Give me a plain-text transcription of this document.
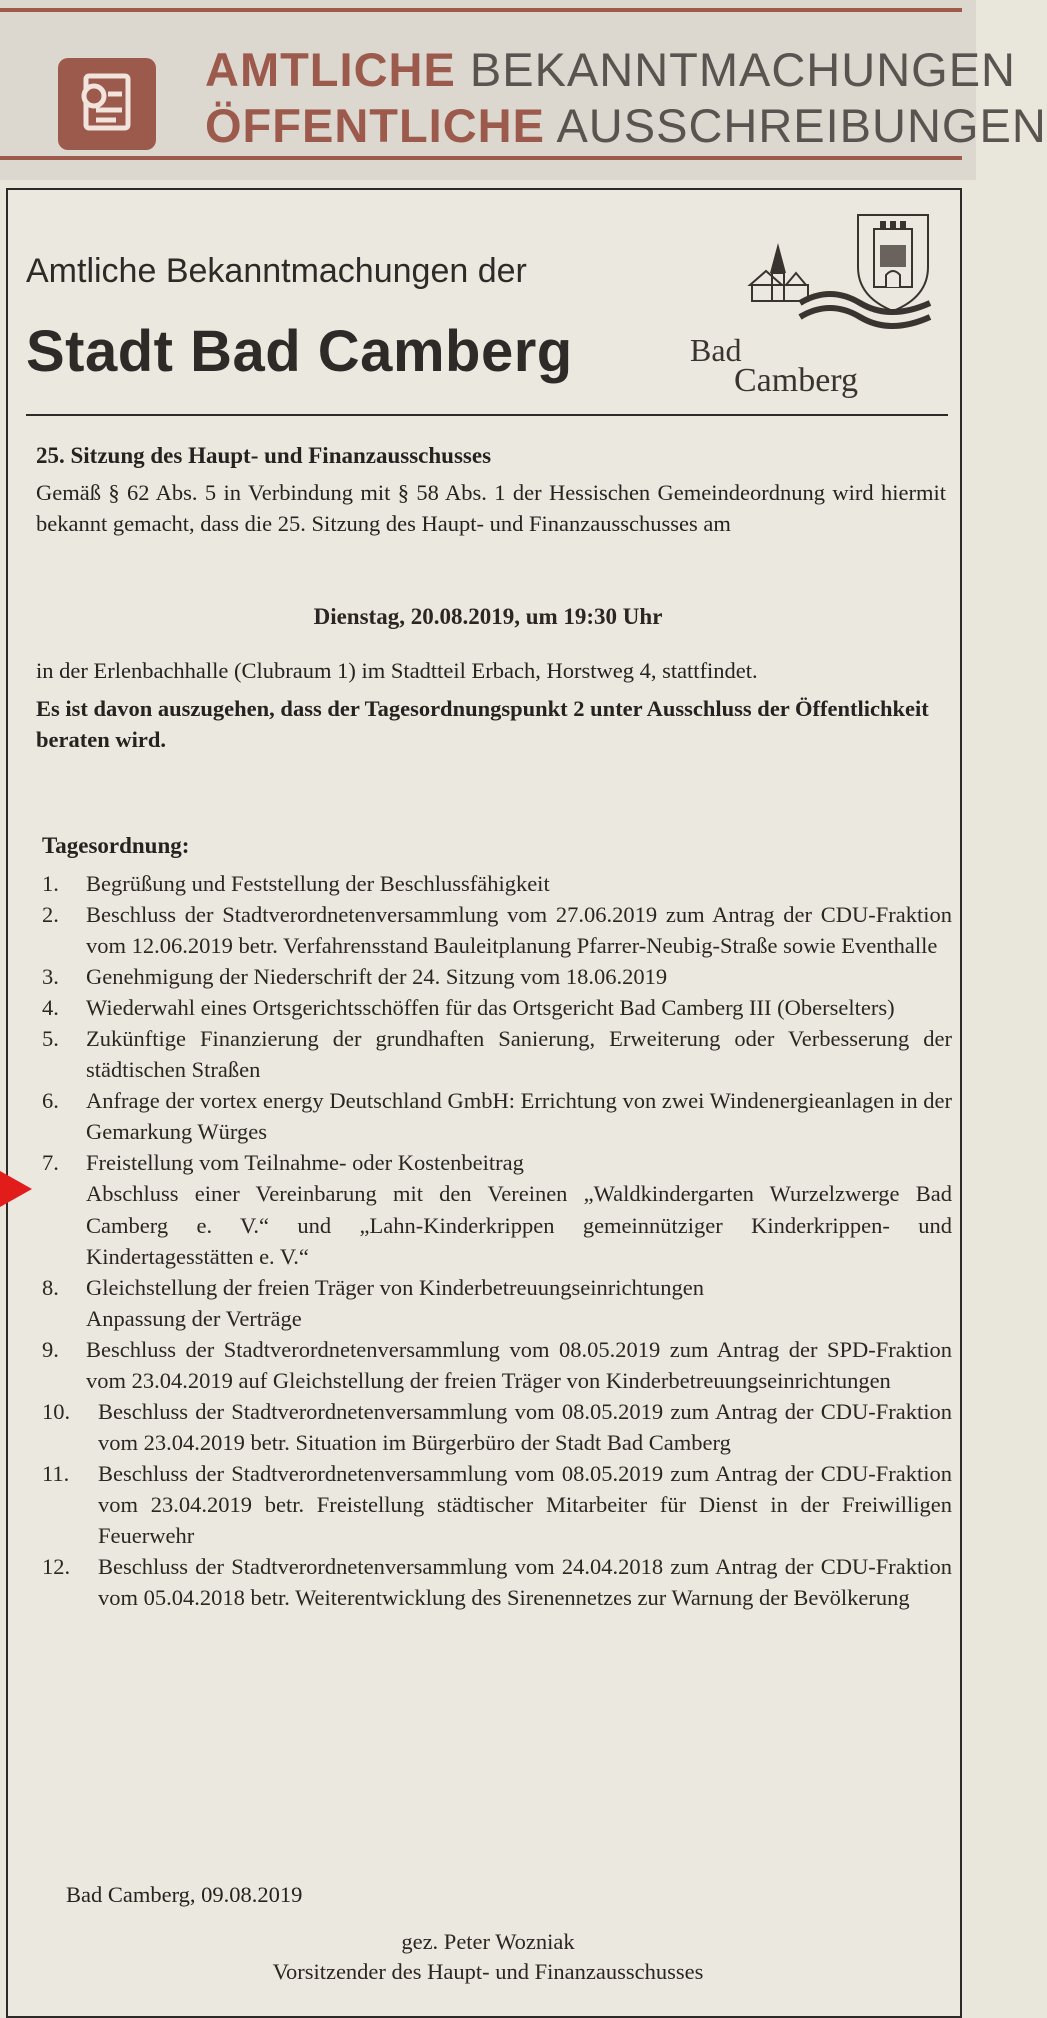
AMTLICHE BEKANNTMACHUNGEN
ÖFFENTLICHE AUSSCHREIBUNGEN
Amtliche Bekanntmachungen der
Stadt Bad Camberg	Bad
Camberg
25. Sitzung des Haupt- und Finanzausschusses
Gemäß § 62 Abs. 5 in Verbindung mit § 58 Abs. 1 der Hessischen Gemeindeordnung wird hiermit bekannt gemacht, dass die 25. Sitzung des Haupt- und Finanzausschusses am
Dienstag, 20.08.2019, um 19:30 Uhr
in der Erlenbachhalle (Clubraum 1) im Stadtteil Erbach, Horstweg 4, stattfindet.
Es ist davon auszugehen, dass der Tagesordnungspunkt 2 unter Ausschluss der Öffentlichkeit beraten wird.
Tagesordnung:
1. Begrüßung und Feststellung der Beschlussfähigkeit
2. Beschluss der Stadtverordnetenversammlung vom 27.06.2019 zum Antrag der CDU-Fraktion vom 12.06.2019 betr. Verfahrensstand Bauleitplanung Pfarrer-Neubig-Straße sowie Eventhalle
3. Genehmigung der Niederschrift der 24. Sitzung vom 18.06.2019
4. Wiederwahl eines Ortsgerichtsschöffen für das Ortsgericht Bad Camberg III (Oberselters)
5. Zukünftige Finanzierung der grundhaften Sanierung, Erweiterung oder Verbesserung der städtischen Straßen
6. Anfrage der vortex energy Deutschland GmbH: Errichtung von zwei Windenergieanlagen in der Gemarkung Würges
7. Freistellung vom Teilnahme- oder Kostenbeitrag
Abschluss einer Vereinbarung mit den Vereinen „Waldkindergarten Wurzelzwerge Bad Camberg e. V.“ und „Lahn-Kinderkrippen gemeinnütziger Kinderkrippen- und Kindertagesstätten e. V.“
8. Gleichstellung der freien Träger von Kinderbetreuungseinrichtungen
Anpassung der Verträge
9. Beschluss der Stadtverordnetenversammlung vom 08.05.2019 zum Antrag der SPD-Fraktion vom 23.04.2019 auf Gleichstellung der freien Träger von Kinderbetreuungseinrichtungen
10. Beschluss der Stadtverordnetenversammlung vom 08.05.2019 zum Antrag der CDU-Fraktion vom 23.04.2019 betr. Situation im Bürgerbüro der Stadt Bad Camberg
11. Beschluss der Stadtverordnetenversammlung vom 08.05.2019 zum Antrag der CDU-Fraktion vom 23.04.2019 betr. Freistellung städtischer Mitarbeiter für Dienst in der Freiwilligen Feuerwehr
12. Beschluss der Stadtverordnetenversammlung vom 24.04.2018 zum Antrag der CDU-Fraktion vom 05.04.2018 betr. Weiterentwicklung des Sirenennetzes zur Warnung der Bevölkerung
Bad Camberg, 09.08.2019
gez. Peter Wozniak
Vorsitzender des Haupt- und Finanzausschusses
